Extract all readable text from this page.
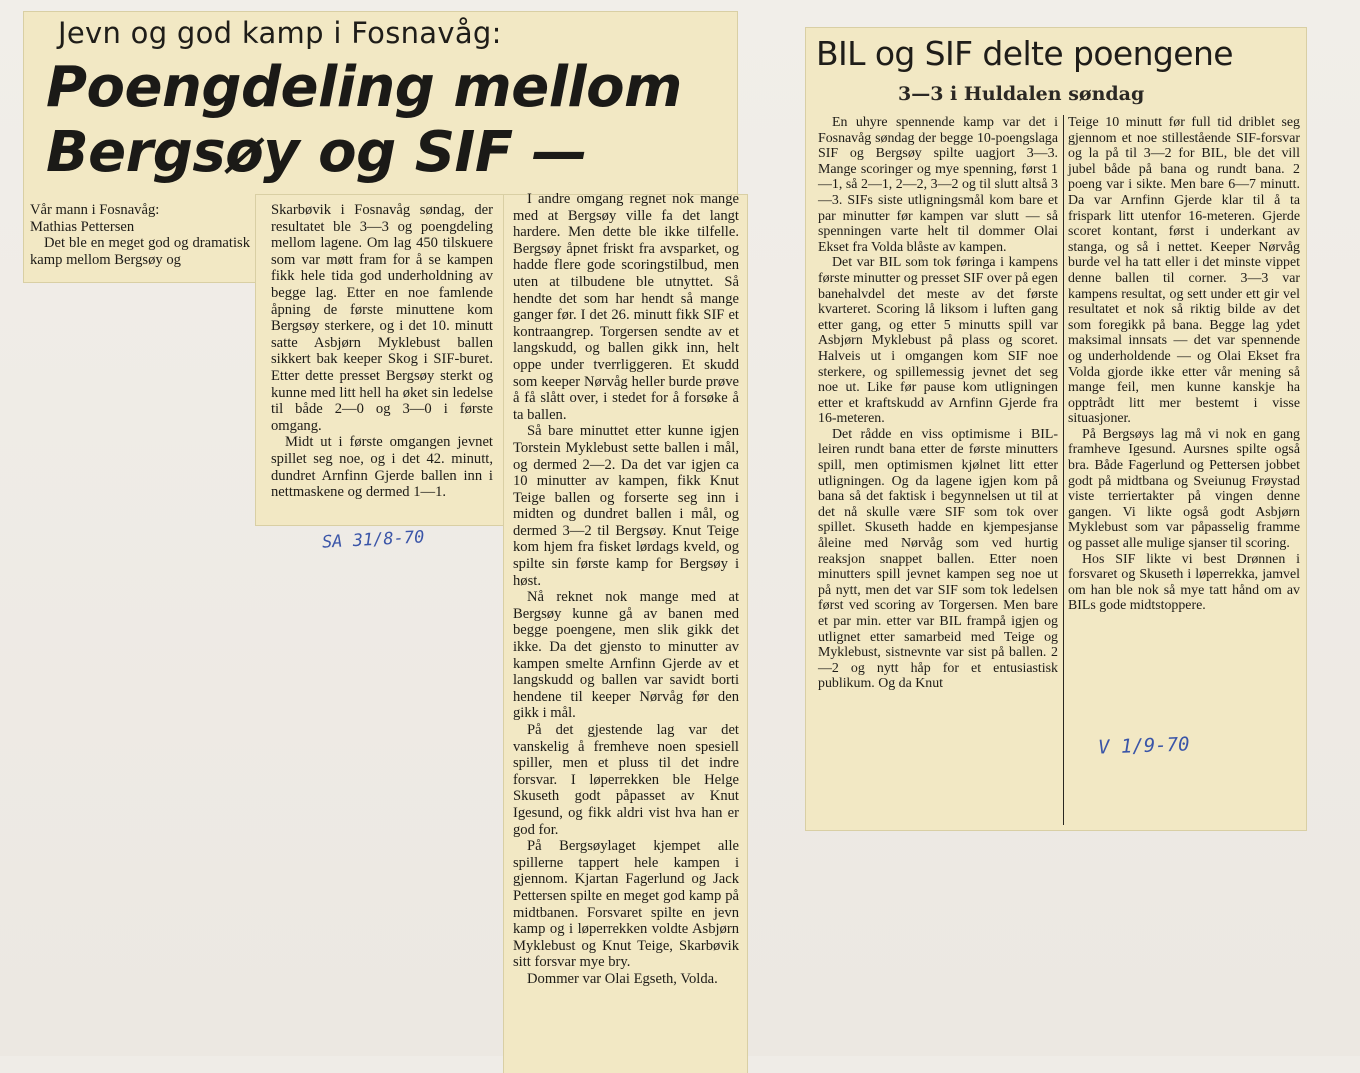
Jevn og god kamp i Fosnavåg:
Poengdeling mellom
Bergsøy og SIF —

Vår mann i Fosnavåg:

Mathias Pettersen

Det ble en meget god og dramatisk kamp mellom Bergsøy og

Skarbøvik i Fosnavåg søndag, der resultatet ble 3—3 og poengdeling mellom lagene. Om lag 450 tilskuere som var møtt fram for å se kampen fikk hele tida god underholdning av begge lag. Etter en noe famlende åpning de første minuttene kom Bergsøy sterkere, og i det 10. minutt satte Asbjørn Myklebust ballen sikkert bak keeper Skog i SIF-buret. Etter dette presset Bergsøy sterkt og kunne med litt hell ha øket sin ledelse til både 2—0 og 3—0 i første omgang.

Midt ut i første omgangen jevnet spillet seg noe, og i det 42. minutt, dundret Arnfinn Gjerde ballen inn i nettmaskene og dermed 1—1.

I andre omgang regnet nok mange med at Bergsøy ville fa det langt hardere. Men dette ble ikke tilfelle. Bergsøy åpnet friskt fra avsparket, og hadde flere gode scoringstilbud, men uten at tilbudene ble utnyttet. Så hendte det som har hendt så mange ganger før. I det 26. minutt fikk SIF et kontraangrep. Torgersen sendte av et langskudd, og ballen gikk inn, helt oppe under tverrliggeren. Et skudd som keeper Nørvåg heller burde prøve å få slått over, i stedet for å forsøke å ta ballen.

Så bare minuttet etter kunne igjen Torstein Myklebust sette ballen i mål, og dermed 2—2. Da det var igjen ca 10 minutter av kampen, fikk Knut Teige ballen og forserte seg inn i midten og dundret ballen i mål, og dermed 3—2 til Bergsøy. Knut Teige kom hjem fra fisket lørdags kveld, og spilte sin første kamp for Bergsøy i høst.

Nå reknet nok mange med at Bergsøy kunne gå av banen med begge poengene, men slik gikk det ikke. Da det gjensto to minutter av kampen smelte Arnfinn Gjerde av et langskudd og ballen var savidt borti hendene til keeper Nørvåg før den gikk i mål.

På det gjestende lag var det vanskelig å fremheve noen spesiell spiller, men et pluss til det indre forsvar. I løperrekken ble Helge Skuseth godt påpasset av Knut Igesund, og fikk aldri vist hva han er god for.

På Bergsøylaget kjempet alle spillerne tappert hele kampen i gjennom. Kjartan Fagerlund og Jack Pettersen spilte en meget god kamp på midtbanen. Forsvaret spilte en jevn kamp og i løperrekken voldte Asbjørn Myklebust og Knut Teige, Skarbøvik sitt forsvar mye bry.

Dommer var Olai Egseth, Volda.

SA 31/8-70
BIL og SIF delte poengene
3—3 i Huldalen søndag

En uhyre spennende kamp var det i Fosnavåg søndag der begge 10-poengslaga SIF og Bergsøy spilte uagjort 3—3. Mange scoringer og mye spenning, først 1—1, så 2—1, 2—2, 3—2 og til slutt altså 3—3. SIFs siste utligningsmål kom bare et par minutter før kampen var slutt — så spenningen varte helt til dommer Olai Ekset fra Volda blåste av kampen.

Det var BIL som tok føringa i kampens første minutter og presset SIF over på egen banehalvdel det meste av det første kvarteret. Scoring lå liksom i luften gang etter gang, og etter 5 minutts spill var Asbjørn Myklebust på plass og scoret. Halveis ut i omgangen kom SIF noe sterkere, og spillemessig jevnet det seg noe ut. Like før pause kom utligningen etter et kraftskudd av Arnfinn Gjerde fra 16-meteren.

Det rådde en viss optimisme i BIL-leiren rundt bana etter de første minutters spill, men optimismen kjølnet litt etter utligningen. Og da lagene igjen kom på bana så det faktisk i begynnelsen ut til at det nå skulle være SIF som tok over spillet. Skuseth hadde en kjempesjanse åleine med Nørvåg som ved hurtig reaksjon snappet ballen. Etter noen minutters spill jevnet kampen seg noe ut på nytt, men det var SIF som tok ledelsen først ved scoring av Torgersen. Men bare et par min. etter var BIL frampå igjen og utlignet etter samarbeid med Teige og Myklebust, sistnevnte var sist på ballen. 2—2 og nytt håp for et entusiastisk publikum. Og da Knut

Teige 10 minutt før full tid driblet seg gjennom et noe stillestående SIF-forsvar og la på til 3—2 for BIL, ble det vill jubel både på bana og rundt bana. 2 poeng var i sikte. Men bare 6—7 minutt. Da var Arnfinn Gjerde klar til å ta frispark litt utenfor 16-meteren. Gjerde scoret kontant, først i underkant av stanga, og så i nettet. Keeper Nørvåg burde vel ha tatt eller i det minste vippet denne ballen til corner. 3—3 var kampens resultat, og sett under ett gir vel resultatet et nok så riktig bilde av det som foregikk på bana. Begge lag ydet maksimal innsats — det var spennende og underholdende — og Olai Ekset fra Volda gjorde ikke etter vår mening så mange feil, men kunne kanskje ha opptrådt litt mer bestemt i visse situasjoner.

På Bergsøys lag må vi nok en gang framheve Igesund. Aursnes spilte også bra. Både Fagerlund og Pettersen jobbet godt på midtbana og Sveiunug Frøystad viste terriertakter på vingen denne gangen. Vi likte også godt Asbjørn Myklebust som var påpasselig framme og passet alle mulige sjanser til scoring.

Hos SIF likte vi best Drønnen i forsvaret og Skuseth i løperrekka, jamvel om han ble nok så mye tatt hånd om av BILs gode midtstoppere.

V 1/9-70
